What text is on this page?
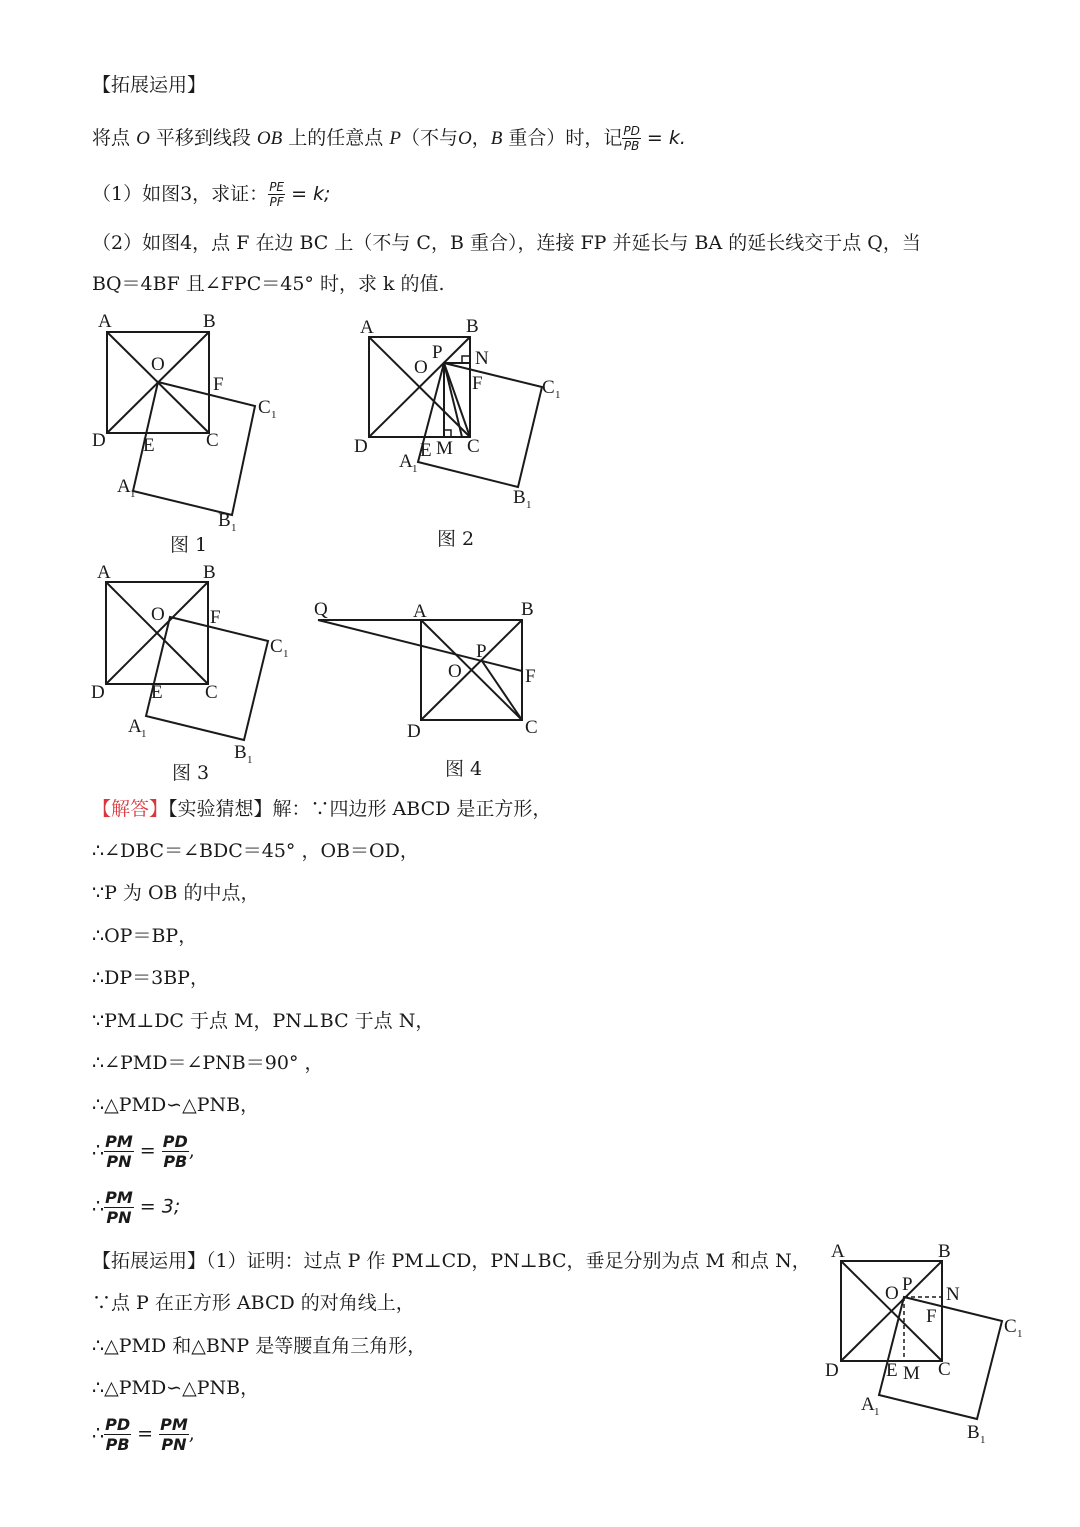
【拓展运用】
将点 O 平移到线段 OB 上的任意点 P（不与O，B 重合）时，记 $\frac{PD}{PB} = k$.
（1）如图3，求证： $\frac{PE}{PF} = k$;
（2）如图4，点 F 在边 BC 上（不与 C，B 重合），连接 FP 并延长与 BA 的延长线交于点 Q，当
BQ＝4BF 且∠FPC＝45° 时，求 k 的值.
A	B
O
F
D E	C
C 1
A 1
B 1
图 1
A	B
P N
O
F	C 1
D	E M C
A 1
B 1
图 2
A	B
O F
C 1
D E C
A 1
B 1
图 3
Q	A	B
P
O	F
D	C
图 4
【解答】【实验猜想】解：∵四边形 ABCD 是正方形，
∴∠DBC＝∠BDC＝45° ，OB＝OD，
∵P 为 OB 的中点，
∴OP＝BP，
∴DP＝3BP，
∵PM⊥DC 于点 M，PN⊥BC 于点 N，
∴∠PMD＝∠PNB＝90° ，
∴△PMD∽△PNB，
∴ $\frac{PM}{PN} = \frac{PD}{PB}$ ,
∴ $\frac{PM}{PN} = 3$;
【拓展运用】（1）证明：过点 P 作 PM⊥CD，PN⊥BC，垂足分别为点 M 和点 N，
∵点 P 在正方形 ABCD 的对角线上，
∴△PMD 和△BNP 是等腰直角三角形，
∴△PMD∽△PNB，
∴ $\frac{PD}{PB} = \frac{PM}{PN}$ ,
A	B
O P N
F	C 1
D E M C
A 1
B 1
